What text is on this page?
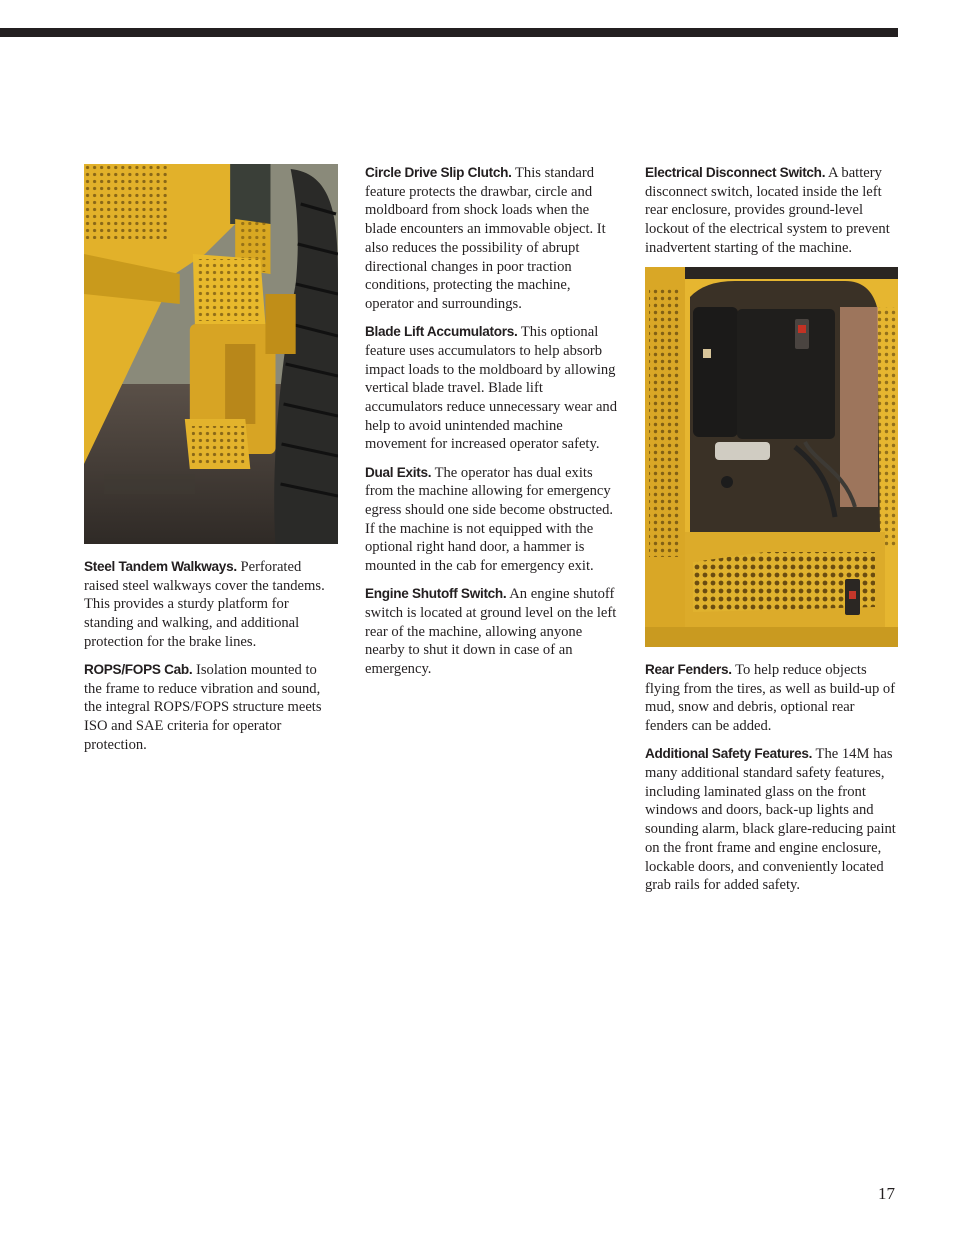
Steel Tandem Walkways. Perforated raised steel walkways cover the tandems. This provides a sturdy platform for standing and walking, and additional protection for the brake lines.

ROPS/FOPS Cab. Isolation mounted to the frame to reduce vibration and sound, the integral ROPS/FOPS structure meets ISO and SAE criteria for operator protection.

Circle Drive Slip Clutch. This standard feature protects the drawbar, circle and moldboard from shock loads when the blade encounters an immovable object. It also reduces the possibility of abrupt directional changes in poor traction conditions, protecting the machine, operator and surroundings.

Blade Lift Accumulators. This optional feature uses accumulators to help absorb impact loads to the moldboard by allowing vertical blade travel. Blade lift accumulators reduce unnecessary wear and help to avoid unintended machine movement for increased operator safety.

Dual Exits. The operator has dual exits from the machine allowing for emergency egress should one side become obstructed. If the machine is not equipped with the optional right hand door, a hammer is mounted in the cab for emergency exit.

Engine Shutoff Switch. An engine shutoff switch is located at ground level on the left rear of the machine, allowing anyone nearby to shut it down in case of an emergency.

Electrical Disconnect Switch. A battery disconnect switch, located inside the left rear enclosure, provides ground-level lockout of the electrical system to prevent inadvertent starting of the machine.

Rear Fenders. To help reduce objects flying from the tires, as well as build-up of mud, snow and debris, optional rear fenders can be added.

Additional Safety Features. The 14M has many additional standard safety features, including laminated glass on the front windows and doors, back-up lights and sounding alarm, black glare-reducing paint on the front frame and engine enclosure, lockable doors, and conveniently located grab rails for added safety.

17
